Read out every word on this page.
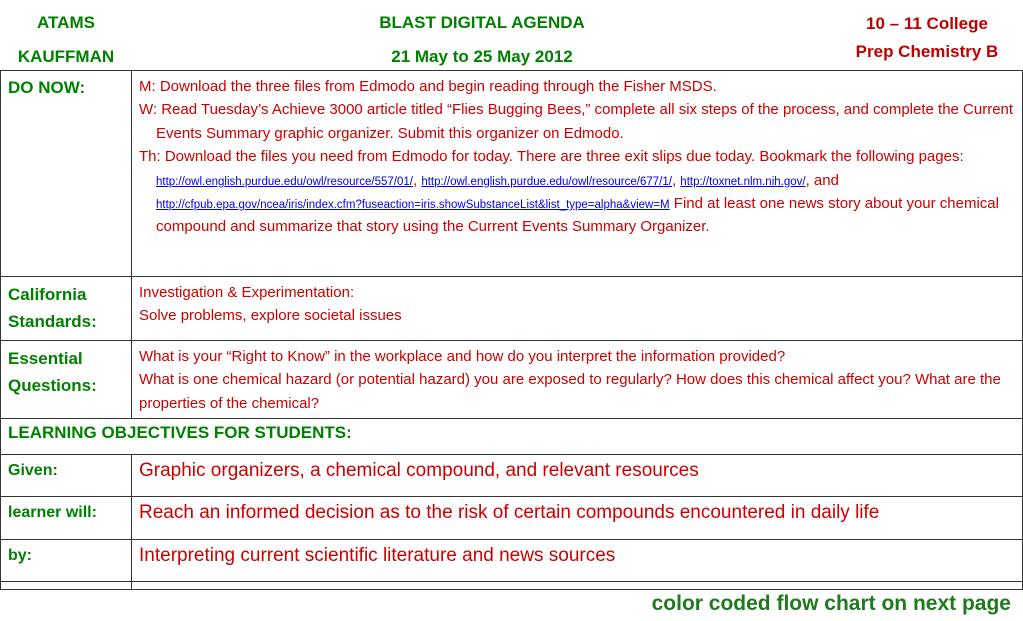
ATAMS
KAUFFMAN
BLAST DIGITAL AGENDA
21 May to 25 May 2012
10 – 11 College
Prep Chemistry B
DO NOW:	M: Download the three files from Edmodo and begin reading through the Fisher MSDS.
W: Read Tuesday’s Achieve 3000 article titled “Flies Bugging Bees,” complete all six steps of the process, and complete the Current Events Summary graphic organizer. Submit this organizer on Edmodo.
Th: Download the files you need from Edmodo for today. There are three exit slips due today. Bookmark the following pages: http://owl.english.purdue.edu/owl/resource/557/01/, http://owl.english.purdue.edu/owl/resource/677/1/, http://toxnet.nlm.nih.gov/, and http://cfpub.epa.gov/ncea/iris/index.cfm?fuseaction=iris.showSubstanceList&list_type=alpha&view=M Find at least one news story about your chemical compound and summarize that story using the Current Events Summary Organizer.

California Standards:	Investigation & Experimentation:
Solve problems, explore societal issues

Essential Questions:	What is your “Right to Know” in the workplace and how do you interpret the information provided?
What is one chemical hazard (or potential hazard) you are exposed to regularly? How does this chemical affect you? What are the properties of the chemical?

LEARNING OBJECTIVES FOR STUDENTS:	
Given:	Graphic organizers, a chemical compound, and relevant resources
learner will:	Reach an informed decision as to the risk of certain compounds encountered in daily life
by:	Interpreting current scientific literature and news sources

color coded flow chart on next page
